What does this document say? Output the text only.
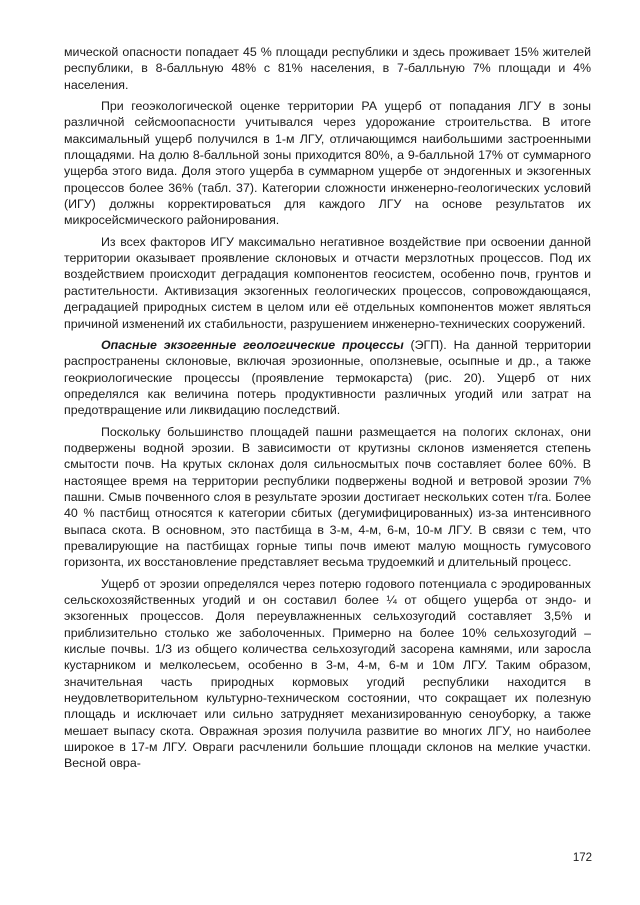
мической опасности попадает 45 % площади республики и здесь проживает 15% жителей республики, в 8-балльную 48% с 81% населения, в 7-балльную 7% площади и 4% населения.

При геоэкологической оценке территории РА ущерб от попадания ЛГУ в зоны различной сейсмоопасности учитывался через удорожание строительства. В итоге максимальный ущерб получился в 1-м ЛГУ, отличающимся наибольшими застроенными площадями. На долю 8-балльной зоны приходится 80%, а 9-балльной 17% от суммарного ущерба этого вида. Доля этого ущерба в суммарном ущербе от эндогенных и экзогенных процессов более 36% (табл. 37). Категории сложности инженерно-геологических условий (ИГУ) должны корректироваться для каждого ЛГУ на основе результатов их микросейсмического районирования.

Из всех факторов ИГУ максимально негативное воздействие при освоении данной территории оказывает проявление склоновых и отчасти мерзлотных процессов. Под их воздействием происходит деградация компонентов геосистем, особенно почв, грунтов и растительности. Активизация экзогенных геологических процессов, сопровождающаяся, деградацией природных систем в целом или её отдельных компонентов может являться причиной изменений их стабильности, разрушением инженерно-технических сооружений.

Опасные экзогенные геологические процессы (ЭГП). На данной территории распространены склоновые, включая эрозионные, оползневые, осыпные и др., а также геокриологические процессы (проявление термокарста) (рис. 20). Ущерб от них определялся как величина потерь продуктивности различных угодий или затрат на предотвращение или ликвидацию последствий.

Поскольку большинство площадей пашни размещается на пологих склонах, они подвержены водной эрозии. В зависимости от крутизны склонов изменяется степень смытости почв. На крутых склонах доля сильносмытых почв составляет более 60%. В настоящее время на территории республики подвержены водной и ветровой эрозии 7% пашни. Смыв почвенного слоя в результате эрозии достигает нескольких сотен т/га. Более 40 % пастбищ относятся к категории сбитых (дегумифицированных) из-за интенсивного выпаса скота. В основном, это пастбища в 3-м, 4-м, 6-м, 10-м ЛГУ. В связи с тем, что превалирующие на пастбищах горные типы почв имеют малую мощность гумусового горизонта, их восстановление представляет весьма трудоемкий и длительный процесс.

Ущерб от эрозии определялся через потерю годового потенциала с эродированных сельскохозяйственных угодий и он составил более ¼ от общего ущерба от эндо- и экзогенных процессов. Доля переувлажненных сельхозугодий составляет 3,5% и приблизительно столько же заболоченных. Примерно на более 10% сельхозугодий – кислые почвы. 1/3 из общего количества сельхозугодий засорена камнями, или заросла кустарником и мелколесьем, особенно в 3-м, 4-м, 6-м и 10м ЛГУ. Таким образом, значительная часть природных кормовых угодий республики находится в неудовлетворительном культурно-техническом состоянии, что сокращает их полезную площадь и исключает или сильно затрудняет механизированную сеноуборку, а также мешает выпасу скота. Овражная эрозия получила развитие во многих ЛГУ, но наиболее широкое в 17-м ЛГУ. Овраги расчленили большие площади склонов на мелкие участки. Весной овра-

172
